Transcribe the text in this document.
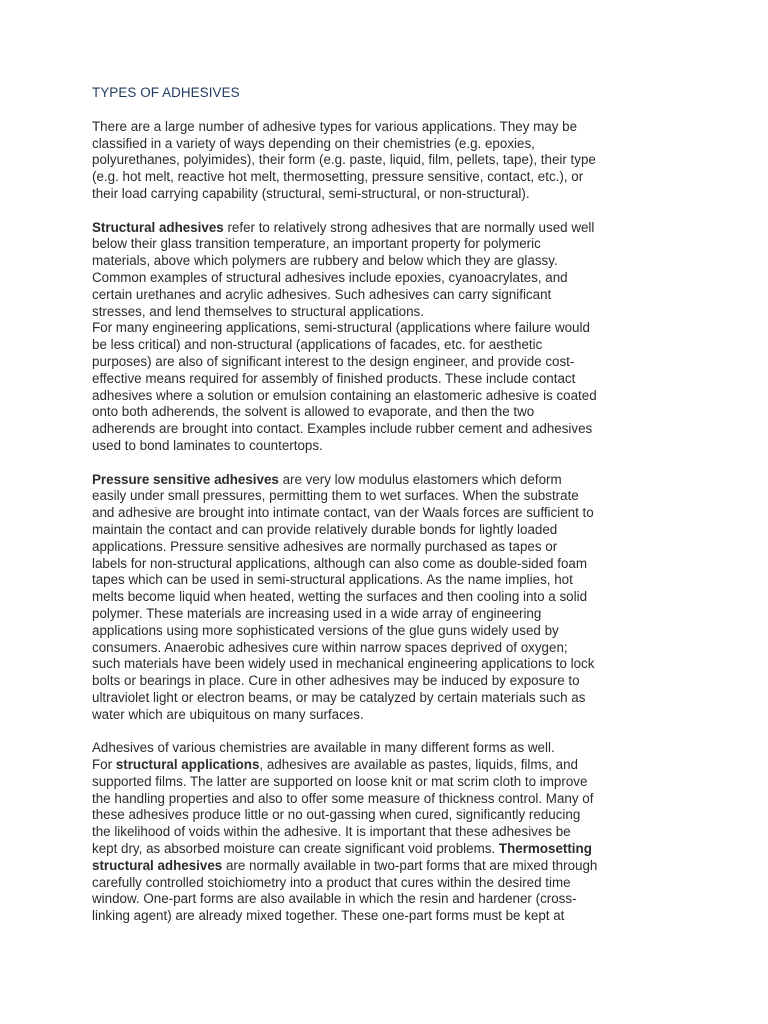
TYPES OF ADHESIVES
There are a large number of adhesive types for various applications. They may be
classified in a variety of ways depending on their chemistries (e.g. epoxies,
polyurethanes, polyimides), their form (e.g. paste, liquid, film, pellets, tape), their type
(e.g. hot melt, reactive hot melt, thermosetting, pressure sensitive, contact, etc.), or
their load carrying capability (structural, semi-structural, or non-structural).
Structural adhesives refer to relatively strong adhesives that are normally used well
below their glass transition temperature, an important property for polymeric
materials, above which polymers are rubbery and below which they are glassy.
Common examples of structural adhesives include epoxies, cyanoacrylates, and
certain urethanes and acrylic adhesives. Such adhesives can carry significant
stresses, and lend themselves to structural applications.
For many engineering applications, semi-structural (applications where failure would
be less critical) and non-structural (applications of facades, etc. for aesthetic
purposes) are also of significant interest to the design engineer, and provide cost-
effective means required for assembly of finished products. These include contact
adhesives where a solution or emulsion containing an elastomeric adhesive is coated
onto both adherends, the solvent is allowed to evaporate, and then the two
adherends are brought into contact. Examples include rubber cement and adhesives
used to bond laminates to countertops.
Pressure sensitive adhesives are very low modulus elastomers which deform
easily under small pressures, permitting them to wet surfaces. When the substrate
and adhesive are brought into intimate contact, van der Waals forces are sufficient to
maintain the contact and can provide relatively durable bonds for lightly loaded
applications. Pressure sensitive adhesives are normally purchased as tapes or
labels for non-structural applications, although can also come as double-sided foam
tapes which can be used in semi-structural applications. As the name implies, hot
melts become liquid when heated, wetting the surfaces and then cooling into a solid
polymer. These materials are increasing used in a wide array of engineering
applications using more sophisticated versions of the glue guns widely used by
consumers. Anaerobic adhesives cure within narrow spaces deprived of oxygen;
such materials have been widely used in mechanical engineering applications to lock
bolts or bearings in place. Cure in other adhesives may be induced by exposure to
ultraviolet light or electron beams, or may be catalyzed by certain materials such as
water which are ubiquitous on many surfaces.
Adhesives of various chemistries are available in many different forms as well.
For structural applications, adhesives are available as pastes, liquids, films, and
supported films. The latter are supported on loose knit or mat scrim cloth to improve
the handling properties and also to offer some measure of thickness control. Many of
these adhesives produce little or no out-gassing when cured, significantly reducing
the likelihood of voids within the adhesive. It is important that these adhesives be
kept dry, as absorbed moisture can create significant void problems. Thermosetting
structural adhesives are normally available in two-part forms that are mixed through
carefully controlled stoichiometry into a product that cures within the desired time
window. One-part forms are also available in which the resin and hardener (cross-
linking agent) are already mixed together. These one-part forms must be kept at
